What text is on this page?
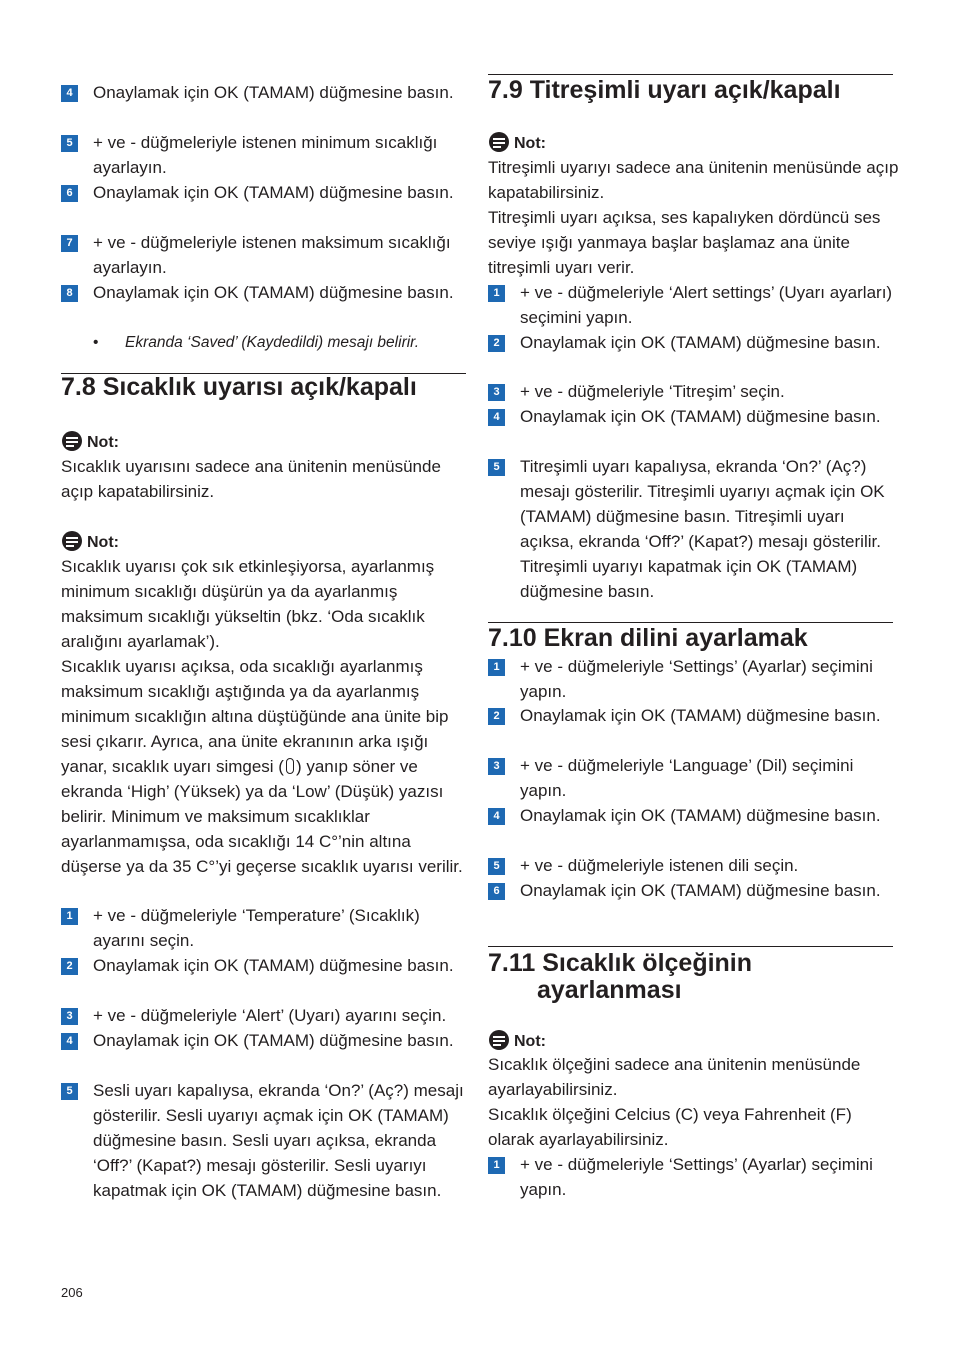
4	Onaylamak için OK (TAMAM) düğmesine basın.
5	+ ve - düğmeleriyle istenen minimum sıcaklığı ayarlayın.
6	Onaylamak için OK (TAMAM) düğmesine basın.
7	+ ve - düğmeleriyle istenen maksimum sıcaklığı ayarlayın.
8	Onaylamak için OK (TAMAM) düğmesine basın.
• Ekranda ‘Saved’ (Kaydedildi) mesajı belirir.
7.8 Sıcaklık uyarısı açık/kapalı
Not:
Sıcaklık uyarısını sadece ana ünitenin menüsünde açıp kapatabilirsiniz.
Not:
Sıcaklık uyarısı çok sık etkinleşiyorsa, ayarlanmış minimum sıcaklığı düşürün ya da ayarlanmış maksimum sıcaklığı yükseltin (bkz. ‘Oda sıcaklık aralığını ayarlamak’).
Sıcaklık uyarısı açıksa, oda sıcaklığı ayarlanmış maksimum sıcaklığı aştığında ya da ayarlanmış minimum sıcaklığın altına düştüğünde ana ünite bip sesi çıkarır. Ayrıca, ana ünite ekranının arka ışığı yanar, sıcaklık uyarı simgesi ( ) yanıp söner ve ekranda ‘High’ (Yüksek) ya da ‘Low’ (Düşük) yazısı belirir. Minimum ve maksimum sıcaklıklar ayarlanmamışsa, oda sıcaklığı 14 C°’nin altına düşerse ya da 35 C°’yi geçerse sıcaklık uyarısı verilir.
1	+ ve - düğmeleriyle ‘Temperature’ (Sıcaklık) ayarını seçin.
2	Onaylamak için OK (TAMAM) düğmesine basın.
3	+ ve - düğmeleriyle ‘Alert’ (Uyarı) ayarını seçin.
4	Onaylamak için OK (TAMAM) düğmesine basın.
5	Sesli uyarı kapalıysa, ekranda ‘On?’ (Aç?) mesajı gösterilir. Sesli uyarıyı açmak için OK (TAMAM) düğmesine basın. Sesli uyarı açıksa, ekranda ‘Off?’ (Kapat?) mesajı gösterilir. Sesli uyarıyı kapatmak için OK (TAMAM) düğmesine basın.
7.9 Titreşimli uyarı açık/kapalı
Not:
Titreşimli uyarıyı sadece ana ünitenin menüsünde açıp kapatabilirsiniz.
Titreşimli uyarı açıksa, ses kapalıyken dördüncü ses seviye ışığı yanmaya başlar başlamaz ana ünite titreşimli uyarı verir.
1	+ ve - düğmeleriyle ‘Alert settings’ (Uyarı ayarları) seçimini yapın.
2	Onaylamak için OK (TAMAM) düğmesine basın.
3	+ ve - düğmeleriyle ‘Titreşim’ seçin.
4	Onaylamak için OK (TAMAM) düğmesine basın.
5	Titreşimli uyarı kapalıysa, ekranda ‘On?’ (Aç?) mesajı gösterilir. Titreşimli uyarıyı açmak için OK (TAMAM) düğmesine basın. Titreşimli uyarı açıksa, ekranda ‘Off?’ (Kapat?) mesajı gösterilir. Titreşimli uyarıyı kapatmak için OK (TAMAM) düğmesine basın.
7.10 Ekran dilini ayarlamak
1	+ ve - düğmeleriyle ‘Settings’ (Ayarlar) seçimini yapın.
2	Onaylamak için OK (TAMAM) düğmesine basın.
3	+ ve - düğmeleriyle ‘Language’ (Dil) seçimini yapın.
4	Onaylamak için OK (TAMAM) düğmesine basın.
5	+ ve - düğmeleriyle istenen dili seçin.
6	Onaylamak için OK (TAMAM) düğmesine basın.
7.11 Sıcaklık ölçeğinin
ayarlanması
Not:
Sıcaklık ölçeğini sadece ana ünitenin menüsünde ayarlayabilirsiniz.
Sıcaklık ölçeğini Celcius (C) veya Fahrenheit (F) olarak ayarlayabilirsiniz.
1	+ ve - düğmeleriyle ‘Settings’ (Ayarlar) seçimini yapın.
206
